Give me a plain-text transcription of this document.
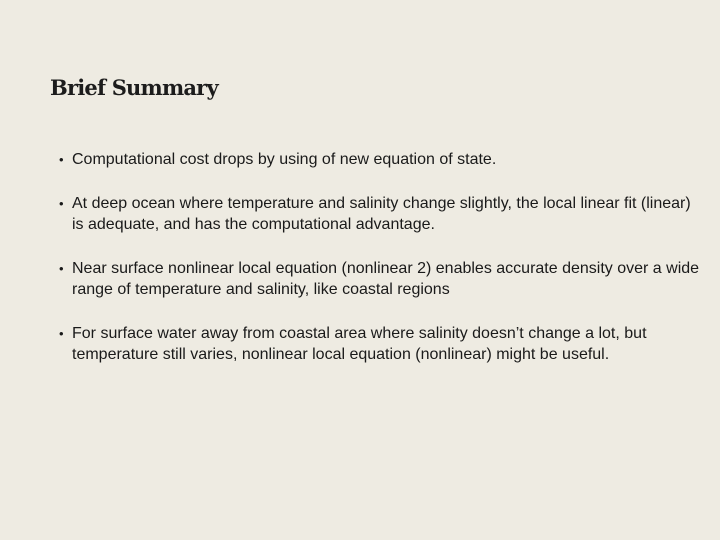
Brief Summary
• Computational cost drops by using of new equation of state.
• At deep ocean where temperature and salinity change slightly, the local linear fit (linear) is adequate, and has the computational advantage.
• Near surface nonlinear local equation (nonlinear 2) enables accurate density over a wide range of temperature and salinity, like coastal regions
• For surface water away from coastal area where salinity doesn’t change a lot, but temperature still varies, nonlinear local equation (nonlinear) might be useful.
